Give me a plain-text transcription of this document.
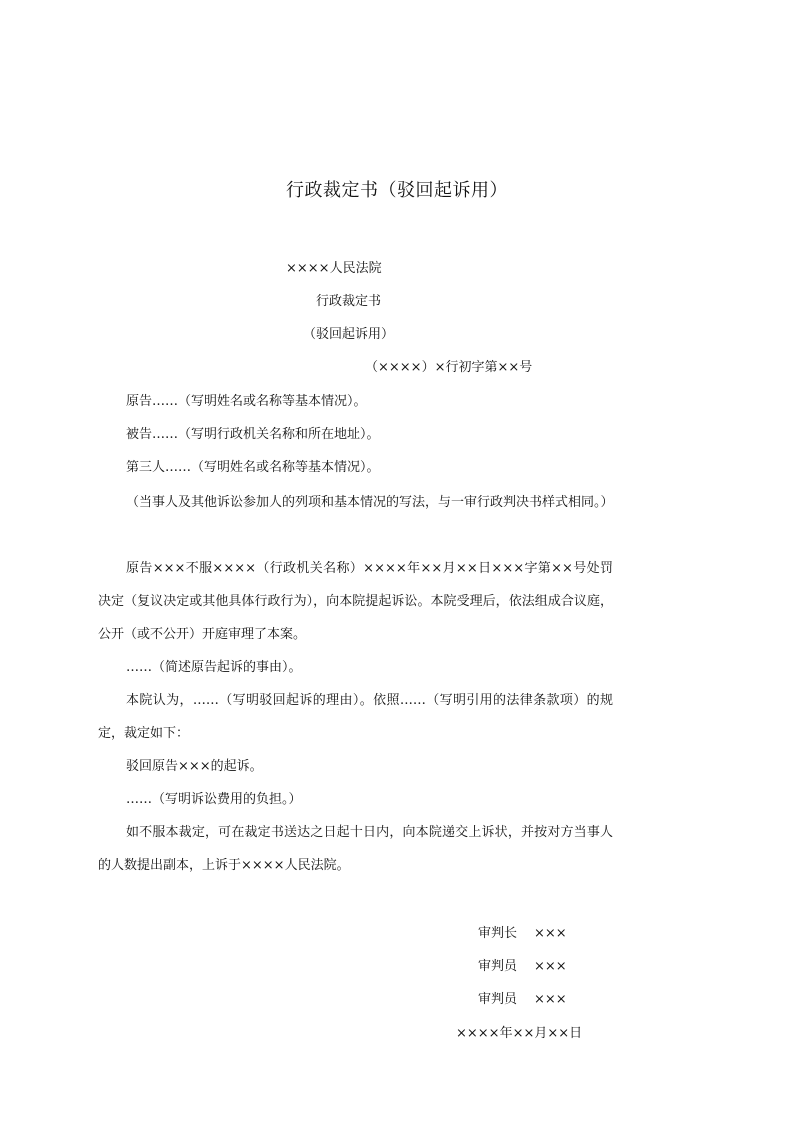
行政裁定书（驳回起诉用）
××××人民法院
行政裁定书
（驳回起诉用）
（××××）×行初字第××号
原告……（写明姓名或名称等基本情况）。
被告……（写明行政机关名称和所在地址）。
第三人……（写明姓名或名称等基本情况）。
（当事人及其他诉讼参加人的列项和基本情况的写法，与一审行政判决书样式相同。）
原告×××不服××××（行政机关名称）××××年××月××日×××字第××号处罚决定（复议决定或其他具体行政行为），向本院提起诉讼。本院受理后，依法组成合议庭，公开（或不公开）开庭审理了本案。
……（简述原告起诉的事由）。
本院认为，……（写明驳回起诉的理由）。依照……（写明引用的法律条款项）的规定，裁定如下：
驳回原告×××的起诉。
……（写明诉讼费用的负担。）
如不服本裁定，可在裁定书送达之日起十日内，向本院递交上诉状，并按对方当事人的人数提出副本，上诉于××××人民法院。
审判长 ×××
审判员 ×××
审判员 ×××
××××年××月××日
